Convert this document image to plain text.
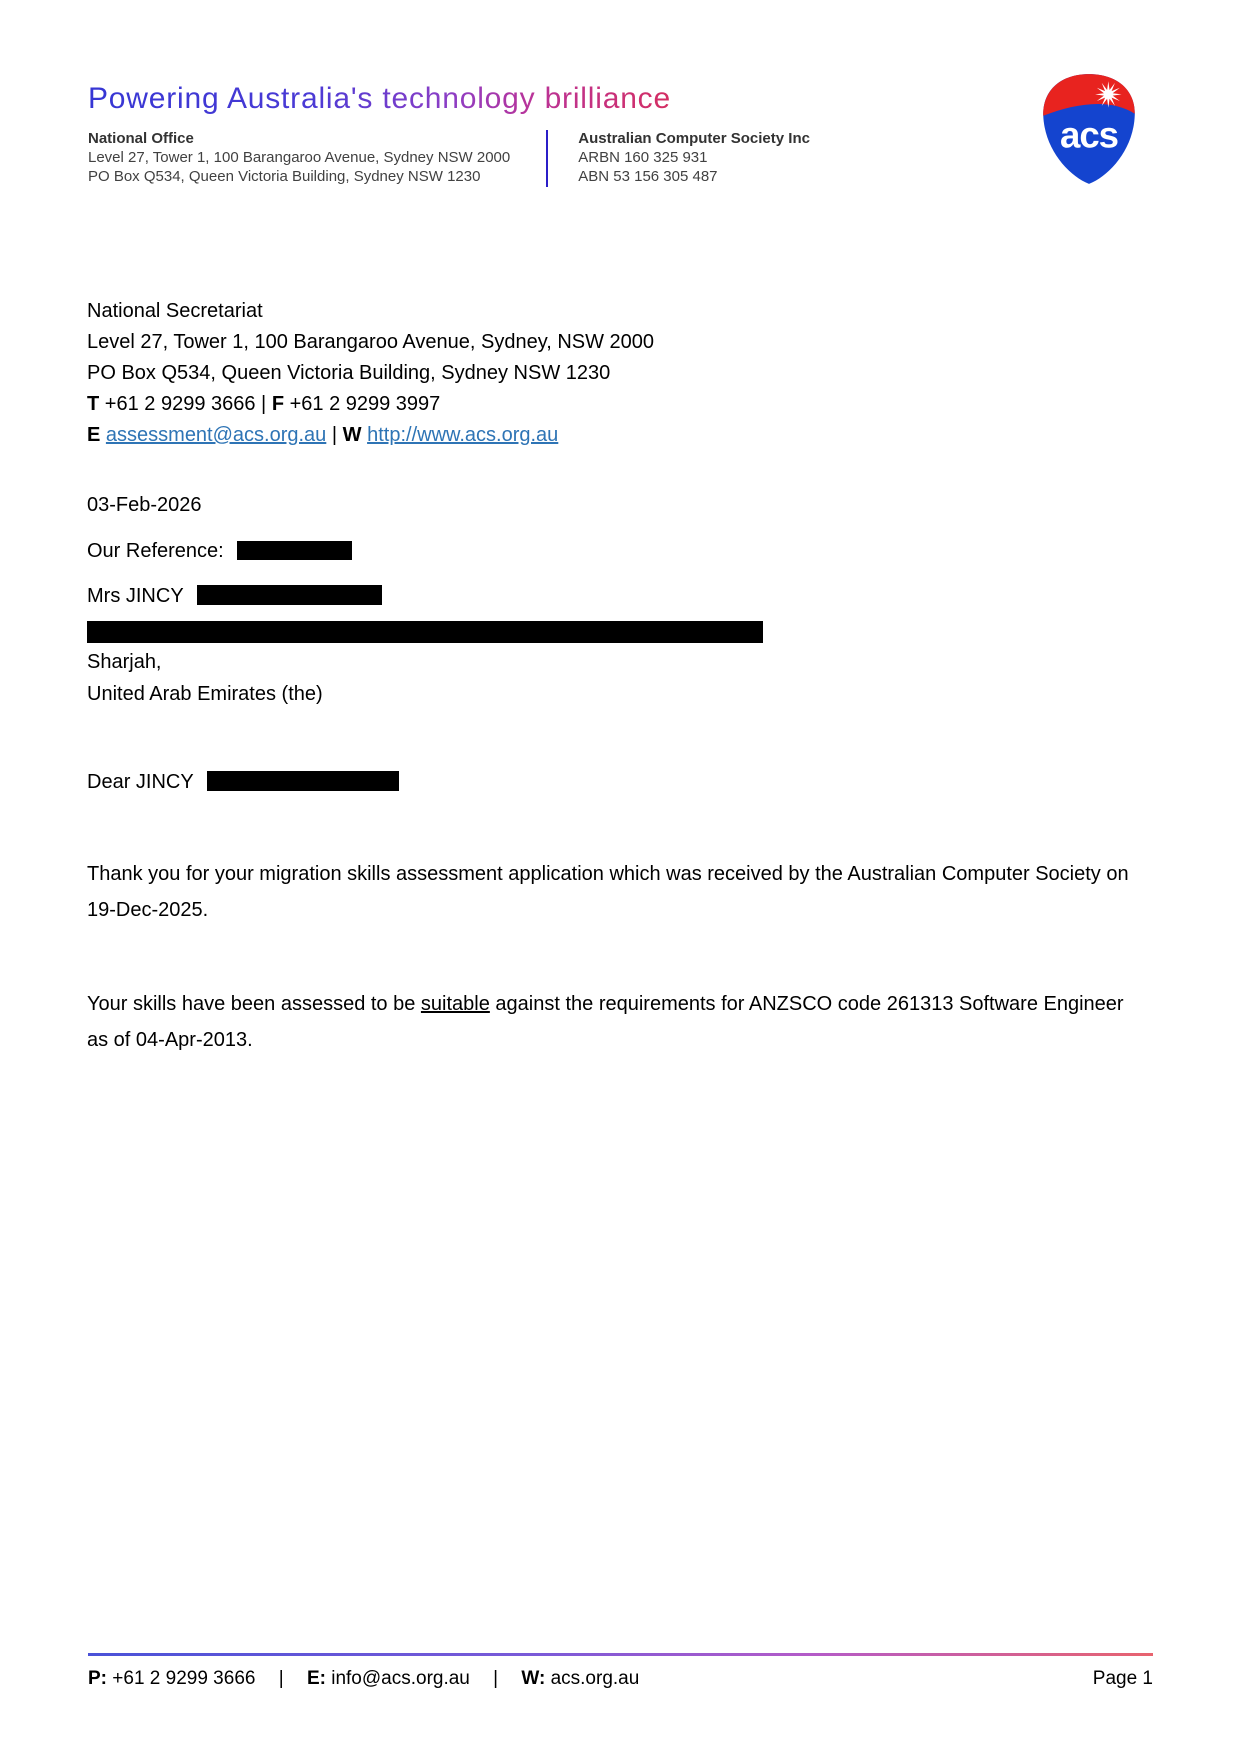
Powering Australia's technology brilliance
National Office
Level 27, Tower 1, 100 Barangaroo Avenue, Sydney NSW 2000
PO Box Q534, Queen Victoria Building, Sydney NSW 1230
Australian Computer Society Inc
ARBN 160 325 931
ABN 53 156 305 487
acs
National Secretariat
Level 27, Tower 1, 100 Barangaroo Avenue, Sydney, NSW 2000
PO Box Q534, Queen Victoria Building, Sydney NSW 1230
T +61 2 9299 3666 | F +61 2 9299 3997
E assessment@acs.org.au | W http://www.acs.org.au
03-Feb-2026
Our Reference:
Mrs JINCY
Sharjah,
United Arab Emirates (the)
Dear JINCY
Thank you for your migration skills assessment application which was received by the Australian Computer Society on 19-Dec-2025.
Your skills have been assessed to be suitable against the requirements for ANZSCO code 261313 Software Engineer as of 04-Apr-2013.
P: +61 2 9299 3666 | E: info@acs.org.au | W: acs.org.au	Page 1
